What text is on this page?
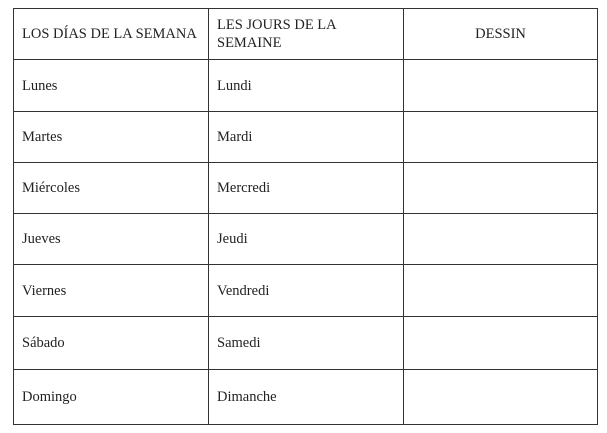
LOS DÍAS DE LA SEMANA	LES JOURS DE LA SEMAINE	DESSIN
Lunes	Lundi	
Martes	Mardi	
Miércoles	Mercredi	
Jueves	Jeudi	
Viernes	Vendredi	
Sábado	Samedi	
Domingo	Dimanche	
